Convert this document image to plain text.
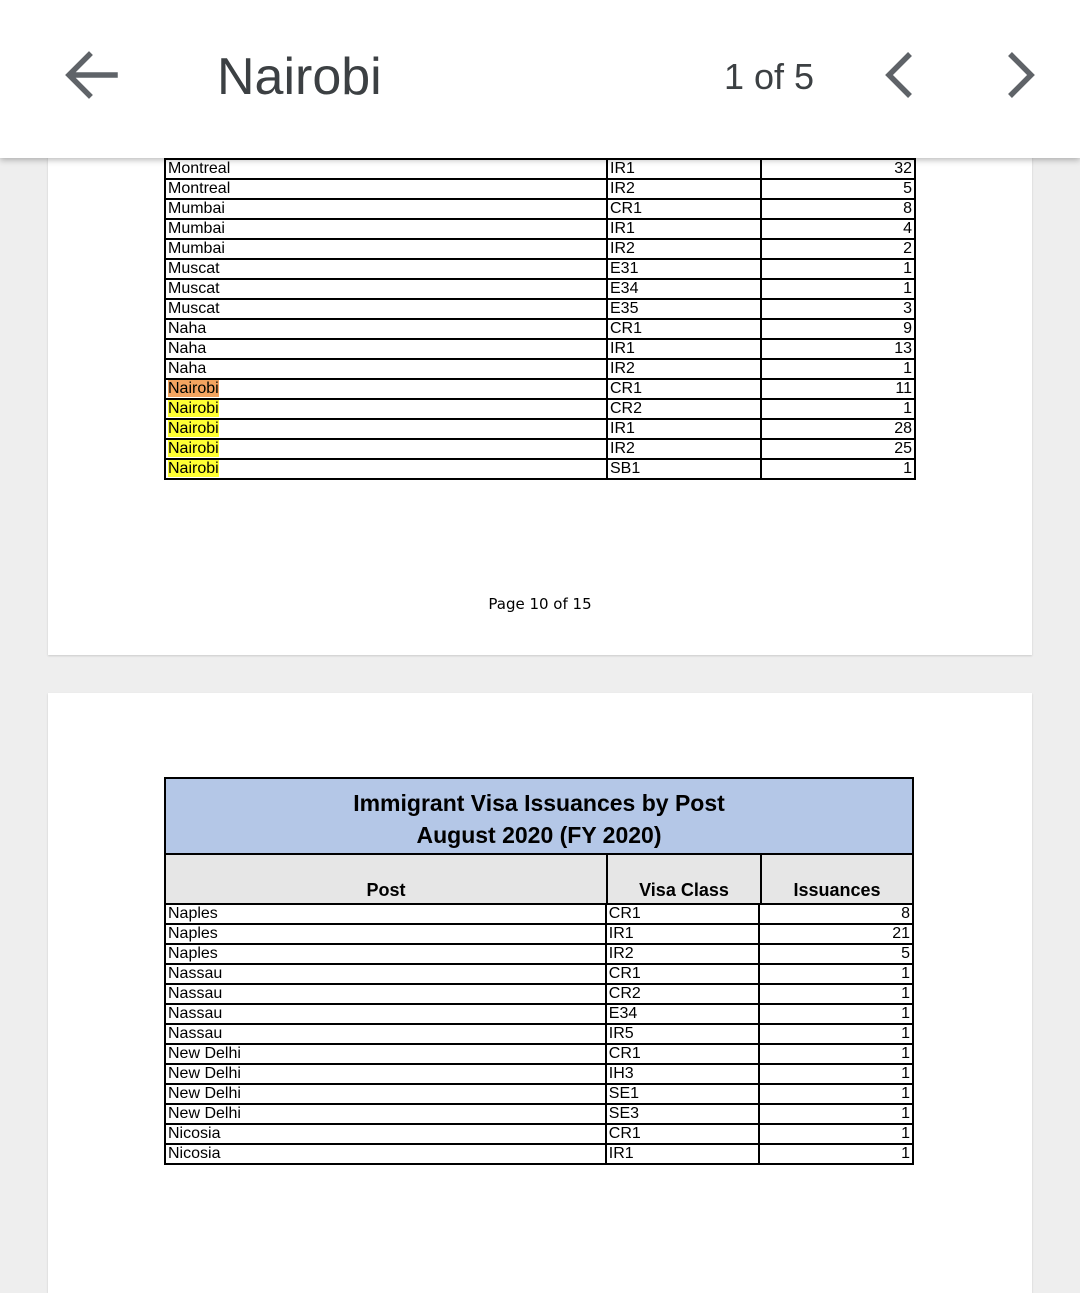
Nairobi	1 of 5

Montreal	IR1	32
Montreal	IR2	5
Mumbai	CR1	8
Mumbai	IR1	4
Mumbai	IR2	2
Muscat	E31	1
Muscat	E34	1
Muscat	E35	3
Naha	CR1	9
Naha	IR1	13
Naha	IR2	1
Nairobi	CR1	11
Nairobi	CR2	1
Nairobi	IR1	28
Nairobi	IR2	25
Nairobi	SB1	1
Page 10 of 15
Immigrant Visa Issuances by Post
August 2020 (FY 2020)
Post	Visa Class	Issuances
Naples	CR1	8
Naples	IR1	21
Naples	IR2	5
Nassau	CR1	1
Nassau	CR2	1
Nassau	E34	1
Nassau	IR5	1
New Delhi	CR1	1
New Delhi	IH3	1
New Delhi	SE1	1
New Delhi	SE3	1
Nicosia	CR1	1
Nicosia	IR1	1
